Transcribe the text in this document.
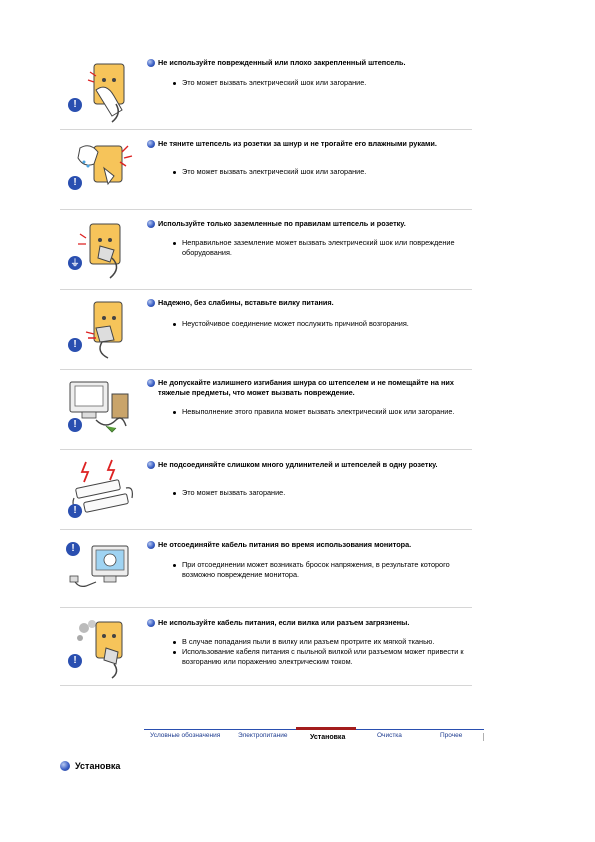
!
Не используйте поврежденный или плохо закрепленный штепсель.
Это может вызвать электрический шок или загорание.
!
Не тяните штепсель из розетки за шнур и не трогайте его влажными руками.
Это может вызвать электрический шок или загорание.
⏚
Используйте только заземленные по правилам штепсель и розетку.
Неправильное заземление может вызвать электрический шок или повреждение оборудования.
!
Надежно, без слабины, вставьте вилку питания.
Неустойчивое соединение может послужить причиной возгорания.
!
Не допускайте излишнего изгибания шнура со штепселем и не помещайте на них тяжелые предметы, что может вызвать повреждение.
Невыполнение этого правила может вызвать электрический шок или загорание.
!
Не подсоединяйте слишком много удлинителей и штепселей в одну розетку.
Это может вызвать загорание.
!	Не отсоединяйте кабель питания во время использования монитора.
При отсоединении может возникать бросок напряжения, в результате которого возможно повреждение монитора.
!
Не используйте кабель питания, если вилка или разъем загрязнены.
В случае попадания пыли в вилку или разъем протрите их мягкой тканью.
Использование кабеля питания с пыльной вилкой или разъемом может привести к возгоранию или поражению электрическим током.
Условные обозначения	Электропитание	Установка	Очистка	Прочее
Установка
